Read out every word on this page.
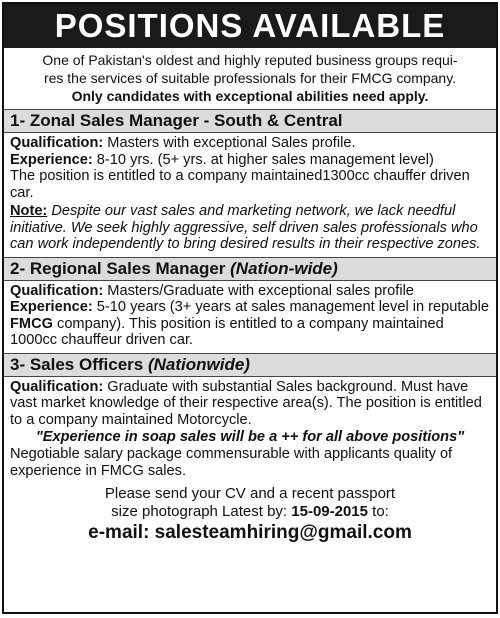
POSITIONS AVAILABLE

One of Pakistan's oldest and highly reputed business groups requi-

res the services of suitable professionals for their FMCG company.

Only candidates with exceptional abilities need apply.

1- Zonal Sales Manager - South & Central

Qualification: Masters with exceptional Sales profile.

Experience: 8-10 yrs. (5+ yrs. at higher sales management level)

The position is entitled to a company maintained1300cc chauffer driven car.

Note: Despite our vast sales and marketing network, we lack needful initiative. We seek highly aggressive, self driven sales professionals who can work independently to bring desired results in their respective zones.

2- Regional Sales Manager (Nation-wide)

Qualification: Masters/Graduate with exceptional sales profile

Experience: 5-10 years (3+ years at sales management level in reputable FMCG company). This position is entitled to a company maintained 1000cc chauffeur driven car.

3- Sales Officers (Nationwide)

Qualification: Graduate with substantial Sales background. Must have vast market knowledge of their respective area(s). The position is entitled to a company maintained Motorcycle.

"Experience in soap sales will be a ++ for all above positions"

Negotiable salary package commensurable with applicants quality of experience in FMCG sales.

Please send your CV and a recent passport

size photograph Latest by: 15-09-2015 to:

e-mail: salesteamhiring@gmail.com
